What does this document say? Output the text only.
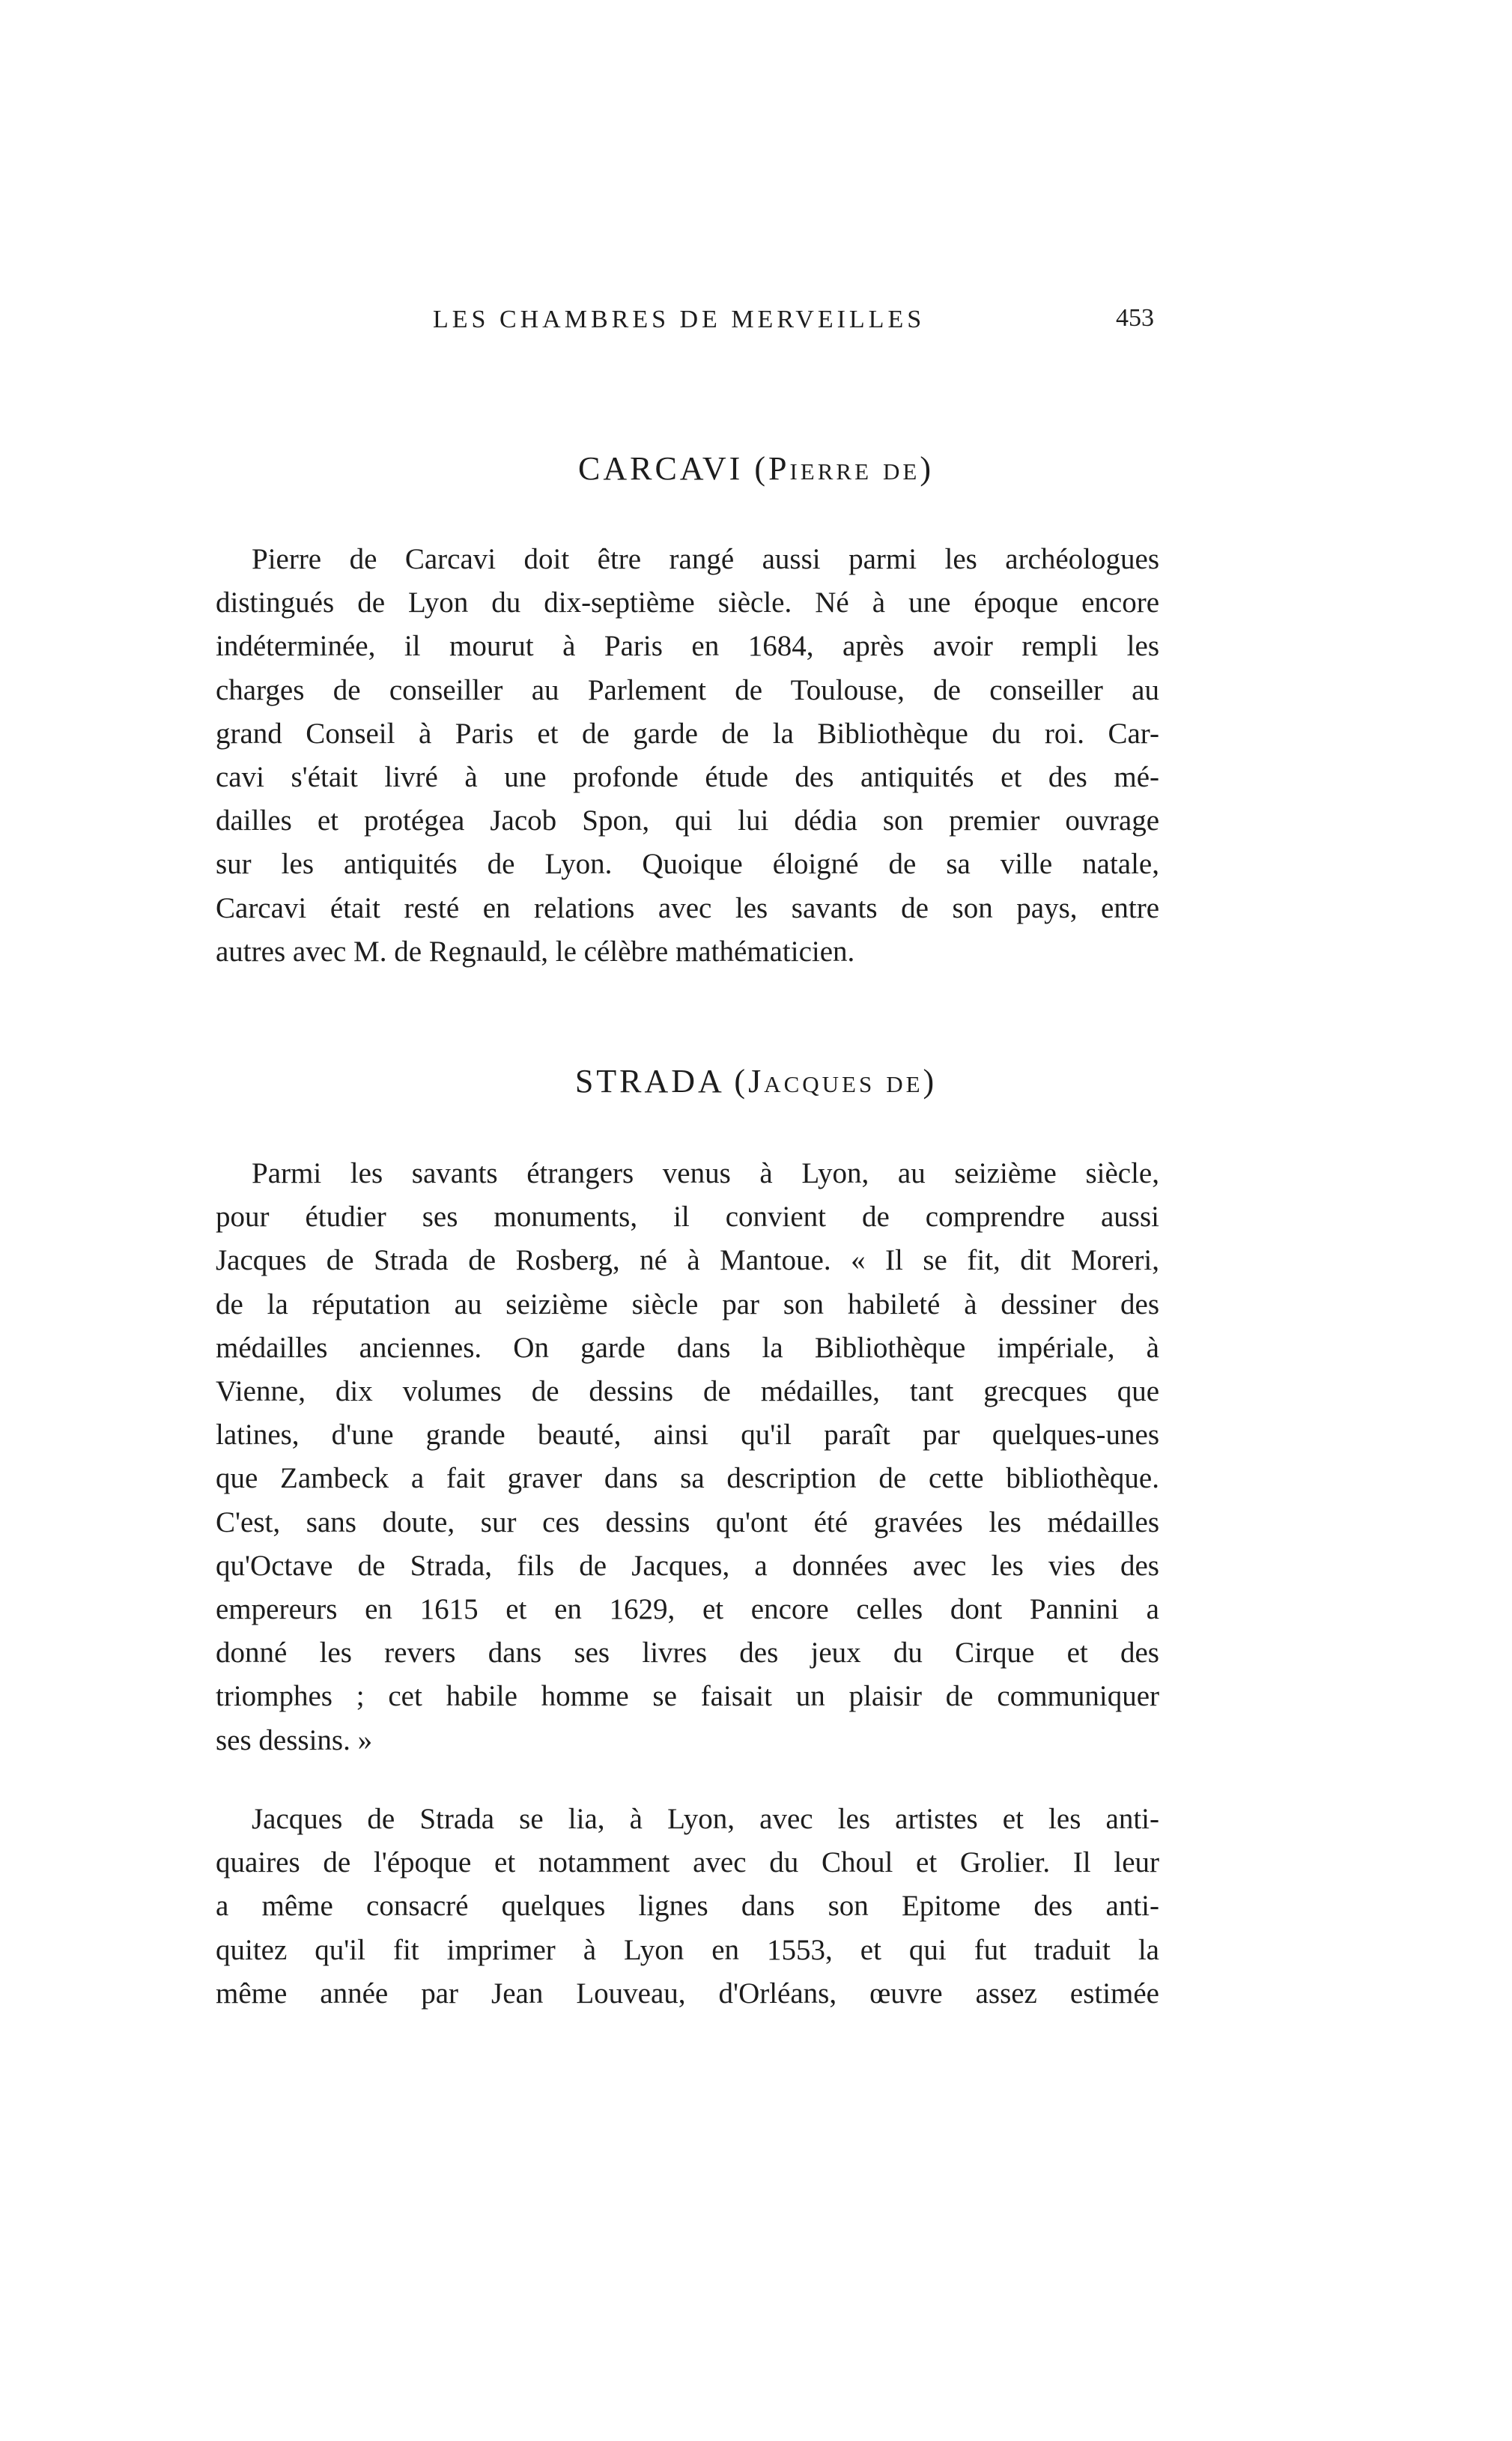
LES CHAMBRES DE MERVEILLES	453
CARCAVI (Pierre de)
Pierre de Carcavi doit être rangé aussi parmi les archéologues
distingués de Lyon du dix-septième siècle. Né à une époque encore
indéterminée, il mourut à Paris en 1684, après avoir rempli les
charges de conseiller au Parlement de Toulouse, de conseiller au
grand Conseil à Paris et de garde de la Bibliothèque du roi. Car-
cavi s'était livré à une profonde étude des antiquités et des mé-
dailles et protégea Jacob Spon, qui lui dédia son premier ouvrage
sur les antiquités de Lyon. Quoique éloigné de sa ville natale,
Carcavi était resté en relations avec les savants de son pays, entre
autres avec M. de Regnauld, le célèbre mathématicien.
STRADA (Jacques de)
Parmi les savants étrangers venus à Lyon, au seizième siècle,
pour étudier ses monuments, il convient de comprendre aussi
Jacques de Strada de Rosberg, né à Mantoue. « Il se fit, dit Moreri,
de la réputation au seizième siècle par son habileté à dessiner des
médailles anciennes. On garde dans la Bibliothèque impériale, à
Vienne, dix volumes de dessins de médailles, tant grecques que
latines, d'une grande beauté, ainsi qu'il paraît par quelques-unes
que Zambeck a fait graver dans sa description de cette bibliothèque.
C'est, sans doute, sur ces dessins qu'ont été gravées les médailles
qu'Octave de Strada, fils de Jacques, a données avec les vies des
empereurs en 1615 et en 1629, et encore celles dont Pannini a
donné les revers dans ses livres des jeux du Cirque et des
triomphes ; cet habile homme se faisait un plaisir de communiquer
ses dessins. »
Jacques de Strada se lia, à Lyon, avec les artistes et les anti-
quaires de l'époque et notamment avec du Choul et Grolier. Il leur
a même consacré quelques lignes dans son Epitome des anti-
quitez qu'il fit imprimer à Lyon en 1553, et qui fut traduit la
même année par Jean Louveau, d'Orléans, œuvre assez estimée
